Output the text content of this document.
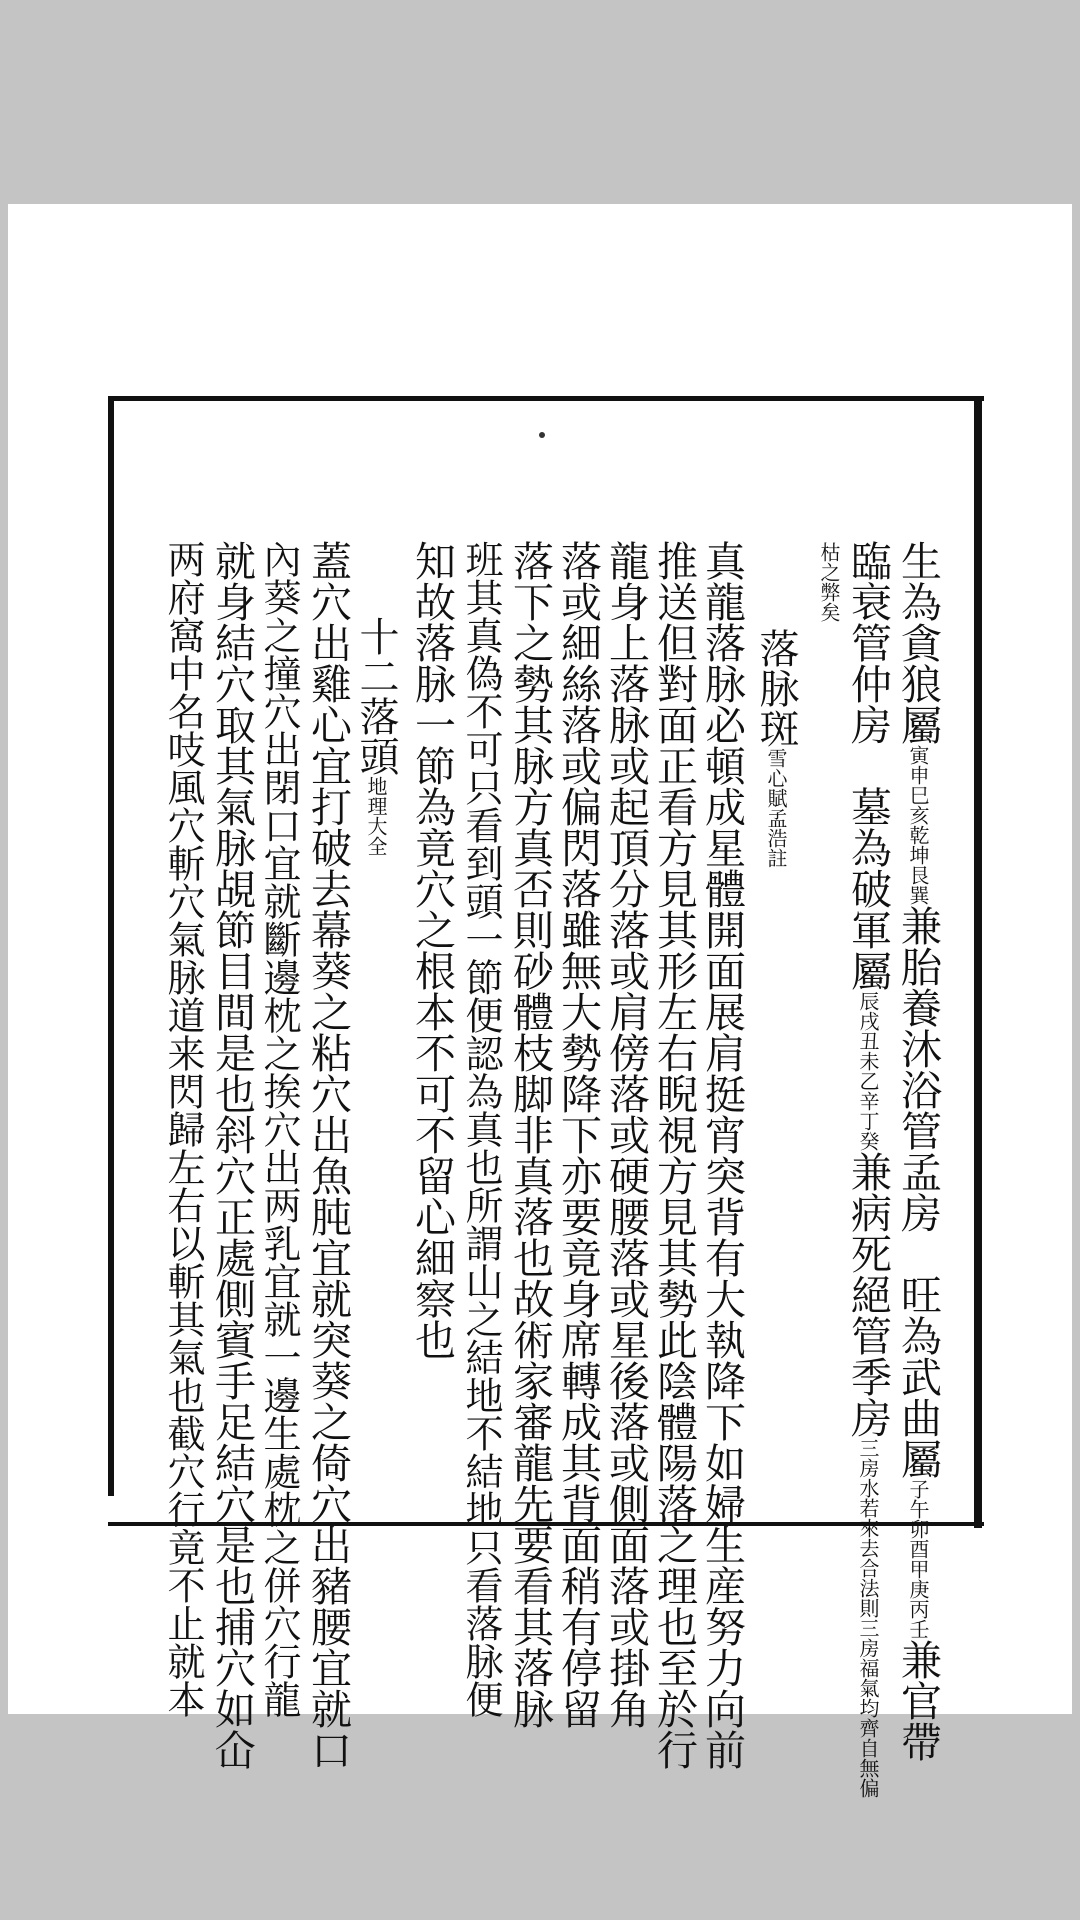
生為貪狼屬寅申巳亥乾坤艮巽兼胎養沐浴管孟房　旺為武曲屬子午卯酉甲庚丙壬兼官帶
臨衰管仲房　墓為破軍屬辰戌丑未乙辛丁癸兼病死絕管季房三房水若來去合法則三房福氣均齊自無偏
枯之弊矣
落脉斑雪心賦孟浩註
真龍落脉必頓成星體開面展肩挺宵突背有大執降下如婦生産努力向前
推送但對面正看方見其形左右睨視方見其勢此陰體陽落之理也至於行
龍身上落脉或起頂分落或肩傍落或硬腰落或星後落或側面落或掛角
落或細絲落或偏閃落雖無大勢降下亦要竟身席轉成其背面稍有停留
落下之勢其脉方真否則砂體枝脚非真落也故術家審龍先要看其落脉
班其真偽不可只看到頭一節便認為真也所謂山之結地不結地只看落脉便
知故落脉一節為竟穴之根本不可不留心細察也
十二落頭地理大全
蓋穴出雞心宜打破去幕葵之粘穴出魚肫宜就突葵之倚穴出豬腰宜就口
內葵之撞穴出閉口宜就斷邊枕之挨穴出两乳宜就一邊生處枕之併穴行龍
就身結穴取其氣脉覘節目間是也斜穴正處側賓手足結穴是也捕穴如仚
两府窩中名吱風穴斬穴氣脉道来閃歸左右以斬其氣也截穴行竟不止就本
